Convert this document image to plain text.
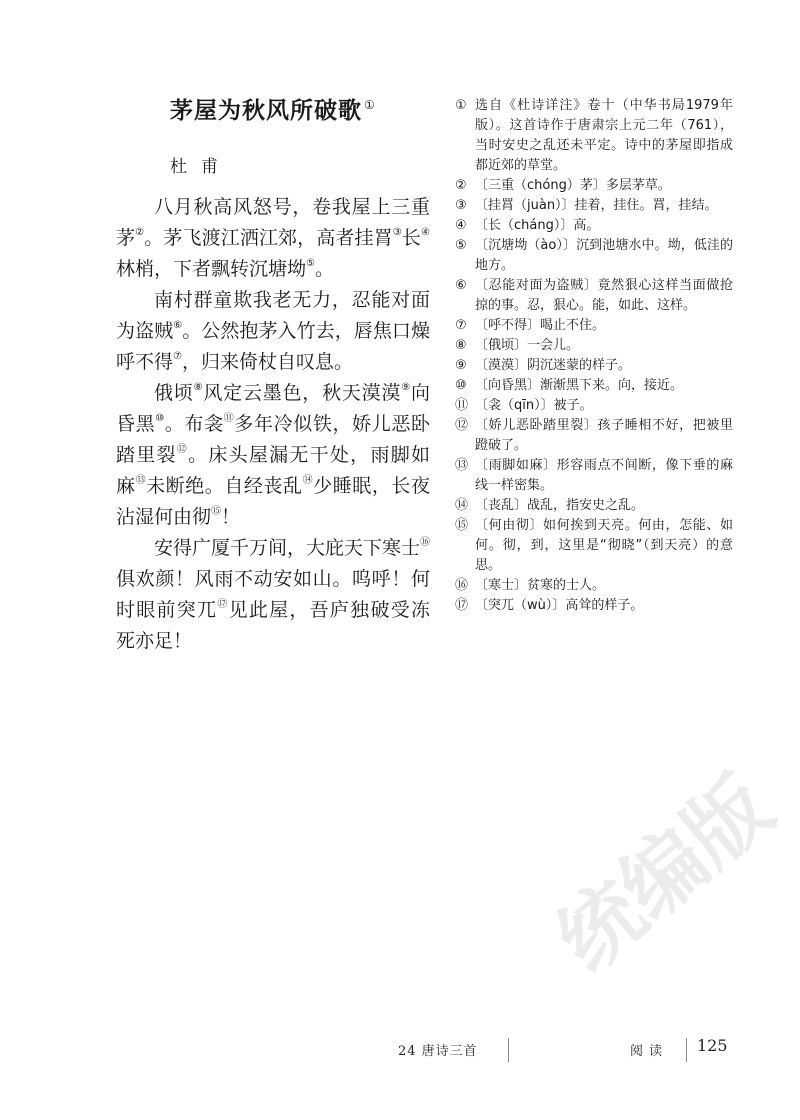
茅屋为秋风所破歌 ①
杜甫

八月秋高风怒号，卷我屋上三重茅②。茅飞渡江洒江郊，高者挂罥③长④林梢，下者飘转沉塘坳⑤。

南村群童欺我老无力，忍能对面为盗贼⑥。公然抱茅入竹去，唇焦口燥呼不得⑦，归来倚杖自叹息。

俄顷⑧风定云墨色，秋天漠漠⑨向昏黑⑩。布衾⑪多年冷似铁，娇儿恶卧踏里裂⑫。床头屋漏无干处，雨脚如麻⑬未断绝。自经丧乱⑭少睡眠，长夜沾湿何由彻⑮！

安得广厦千万间，大庇天下寒士⑯俱欢颜！风雨不动安如山。呜呼！何时眼前突兀⑰见此屋，吾庐独破受冻死亦足！

① 选自《杜诗详注》卷十（中华书局1979年版）。这首诗作于唐肃宗上元二年（761），当时安史之乱还未平定。诗中的茅屋即指成都近郊的草堂。
② 〔三重（chóng）茅〕多层茅草。
③ 〔挂罥（juàn）〕挂着，挂住。罥，挂结。
④ 〔长（cháng）〕高。
⑤ 〔沉塘坳（ào）〕沉到池塘水中。坳，低洼的地方。
⑥ 〔忍能对面为盗贼〕竟然狠心这样当面做抢掠的事。忍，狠心。能，如此、这样。
⑦ 〔呼不得〕喝止不住。
⑧ 〔俄顷〕一会儿。
⑨ 〔漠漠〕阴沉迷蒙的样子。
⑩ 〔向昏黑〕渐渐黑下来。向，接近。
⑪ 〔衾（qīn）〕被子。
⑫ 〔娇儿恶卧踏里裂〕孩子睡相不好，把被里蹬破了。
⑬ 〔雨脚如麻〕形容雨点不间断，像下垂的麻线一样密集。
⑭ 〔丧乱〕战乱，指安史之乱。
⑮ 〔何由彻〕如何挨到天亮。何由，怎能、如何。彻，到，这里是“彻晓”（到天亮）的意思。
⑯ 〔寒士〕贫寒的士人。
⑰ 〔突兀（wù）〕高耸的样子。
24 唐诗三首	阅读 125
统编版
